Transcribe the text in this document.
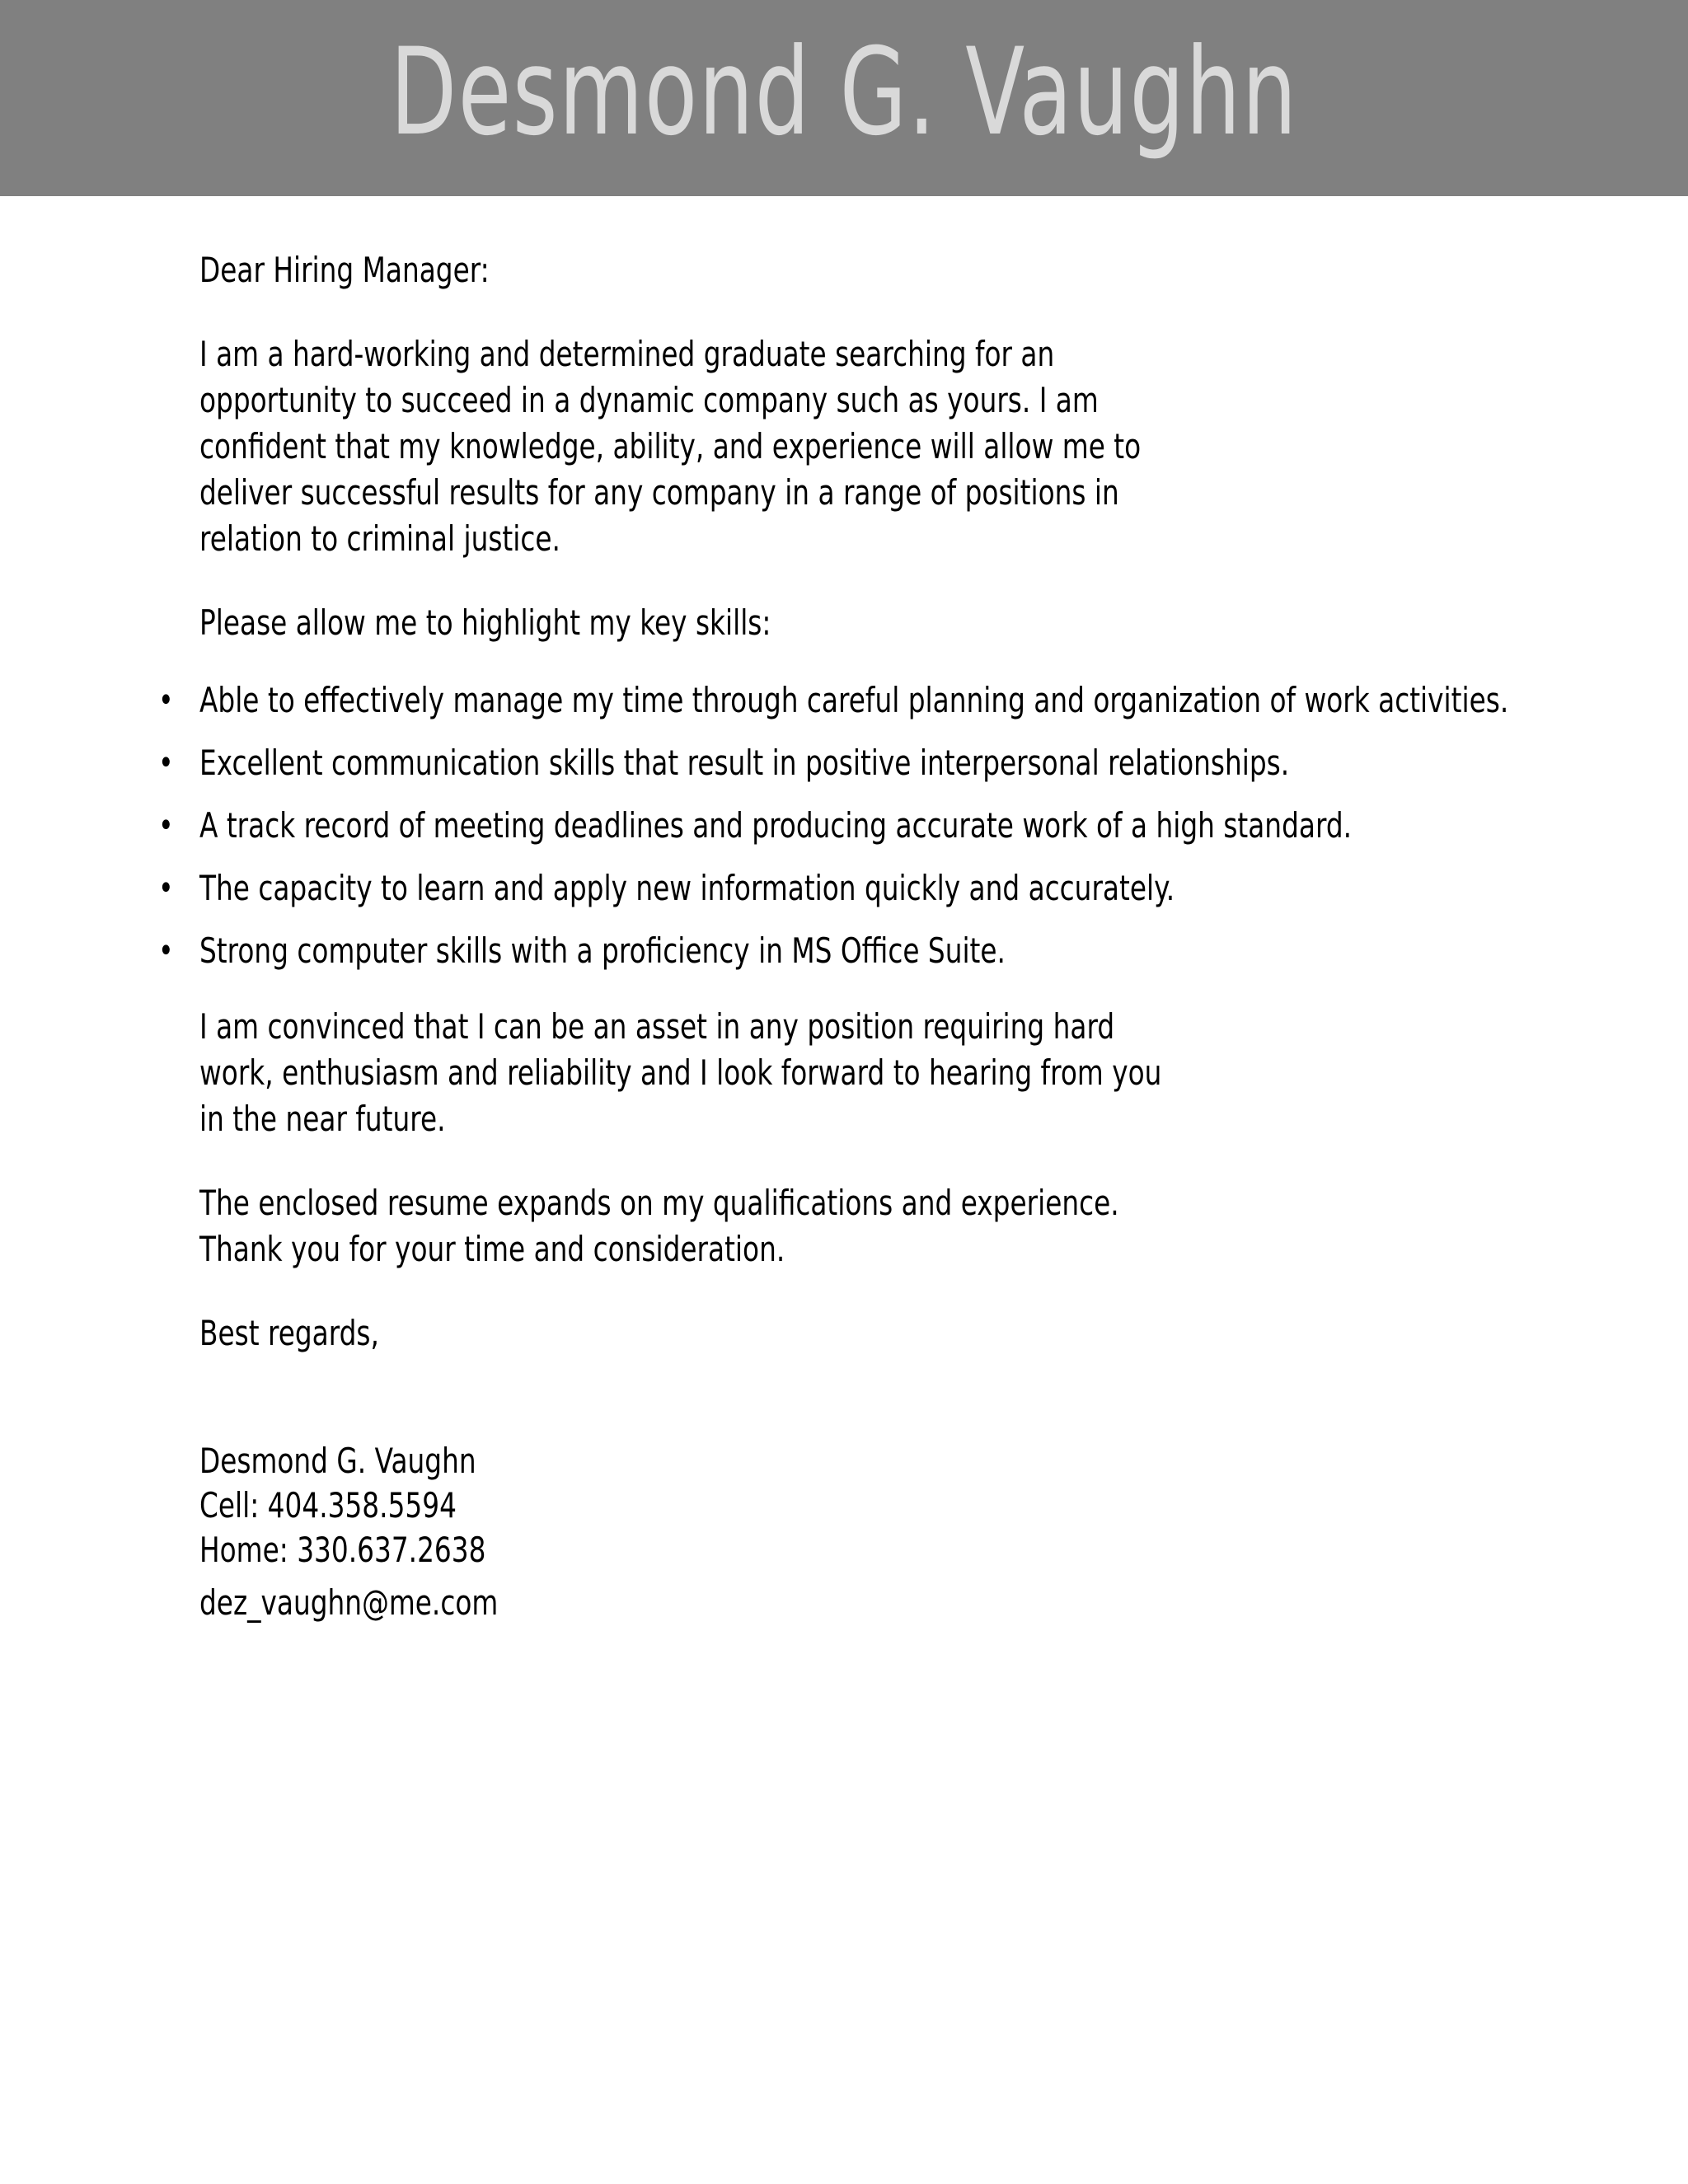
Desmond G. Vaughn

Dear Hiring Manager:

I am a hard-working and determined graduate searching for an opportunity to succeed in a dynamic company such as yours. I am confident that my knowledge, ability, and experience will allow me to deliver successful results for any company in a range of positions in relation to criminal justice.

Please allow me to highlight my key skills:

• Able to effectively manage my time through careful planning and organization of work activities.
• Excellent communication skills that result in positive interpersonal relationships.
• A track record of meeting deadlines and producing accurate work of a high standard.
• The capacity to learn and apply new information quickly and accurately.
• Strong computer skills with a proficiency in MS Office Suite.

I am convinced that I can be an asset in any position requiring hard work, enthusiasm and reliability and I look forward to hearing from you in the near future.

The enclosed resume expands on my qualifications and experience. Thank you for your time and consideration.

Best regards,

Desmond G. Vaughn

Cell: 404.358.5594

Home: 330.637.2638

dez_vaughn@me.com
